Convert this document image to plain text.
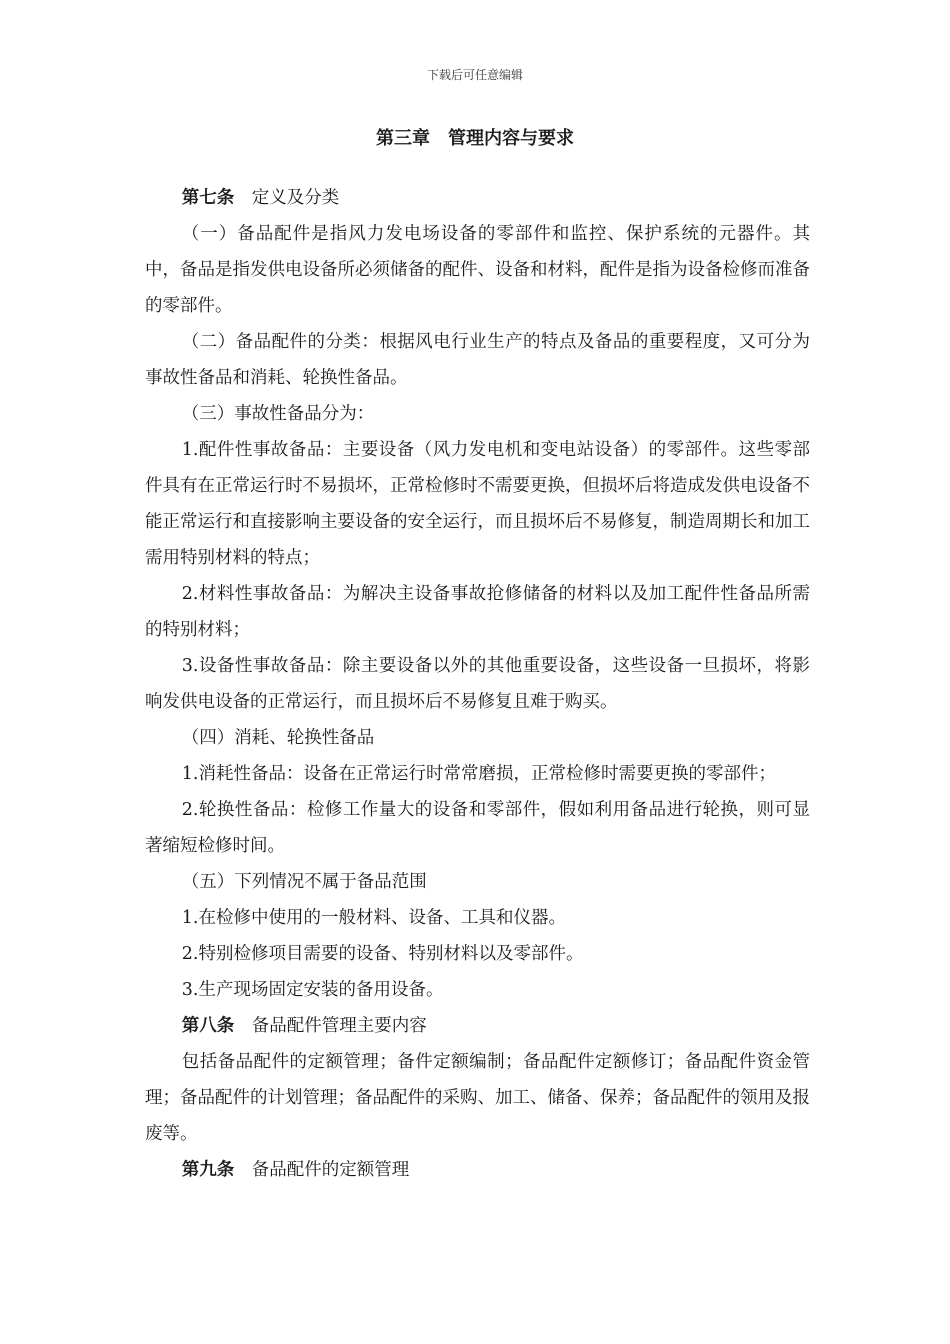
下载后可任意编辑
第三章　管理内容与要求

第七条 定义及分类

（一）备品配件是指风力发电场设备的零部件和监控、保护系统的元器件。其中，备品是指发供电设备所必须储备的配件、设备和材料，配件是指为设备检修而准备的零部件。

（二）备品配件的分类：根据风电行业生产的特点及备品的重要程度，又可分为事故性备品和消耗、轮换性备品。

（三）事故性备品分为：

1.配件性事故备品：主要设备（风力发电机和变电站设备）的零部件。这些零部件具有在正常运行时不易损坏，正常检修时不需要更换，但损坏后将造成发供电设备不能正常运行和直接影响主要设备的安全运行，而且损坏后不易修复，制造周期长和加工需用特别材料的特点；

2.材料性事故备品：为解决主设备事故抢修储备的材料以及加工配件性备品所需的特别材料；

3.设备性事故备品：除主要设备以外的其他重要设备，这些设备一旦损坏，将影响发供电设备的正常运行，而且损坏后不易修复且难于购买。

（四）消耗、轮换性备品

1.消耗性备品：设备在正常运行时常常磨损，正常检修时需要更换的零部件；

2.轮换性备品：检修工作量大的设备和零部件，假如利用备品进行轮换，则可显著缩短检修时间。

（五）下列情况不属于备品范围

1.在检修中使用的一般材料、设备、工具和仪器。

2.特别检修项目需要的设备、特别材料以及零部件。

3.生产现场固定安装的备用设备。

第八条 备品配件管理主要内容

包括备品配件的定额管理；备件定额编制；备品配件定额修订；备品配件资金管理；备品配件的计划管理；备品配件的采购、加工、储备、保养；备品配件的领用及报废等。

第九条 备品配件的定额管理
